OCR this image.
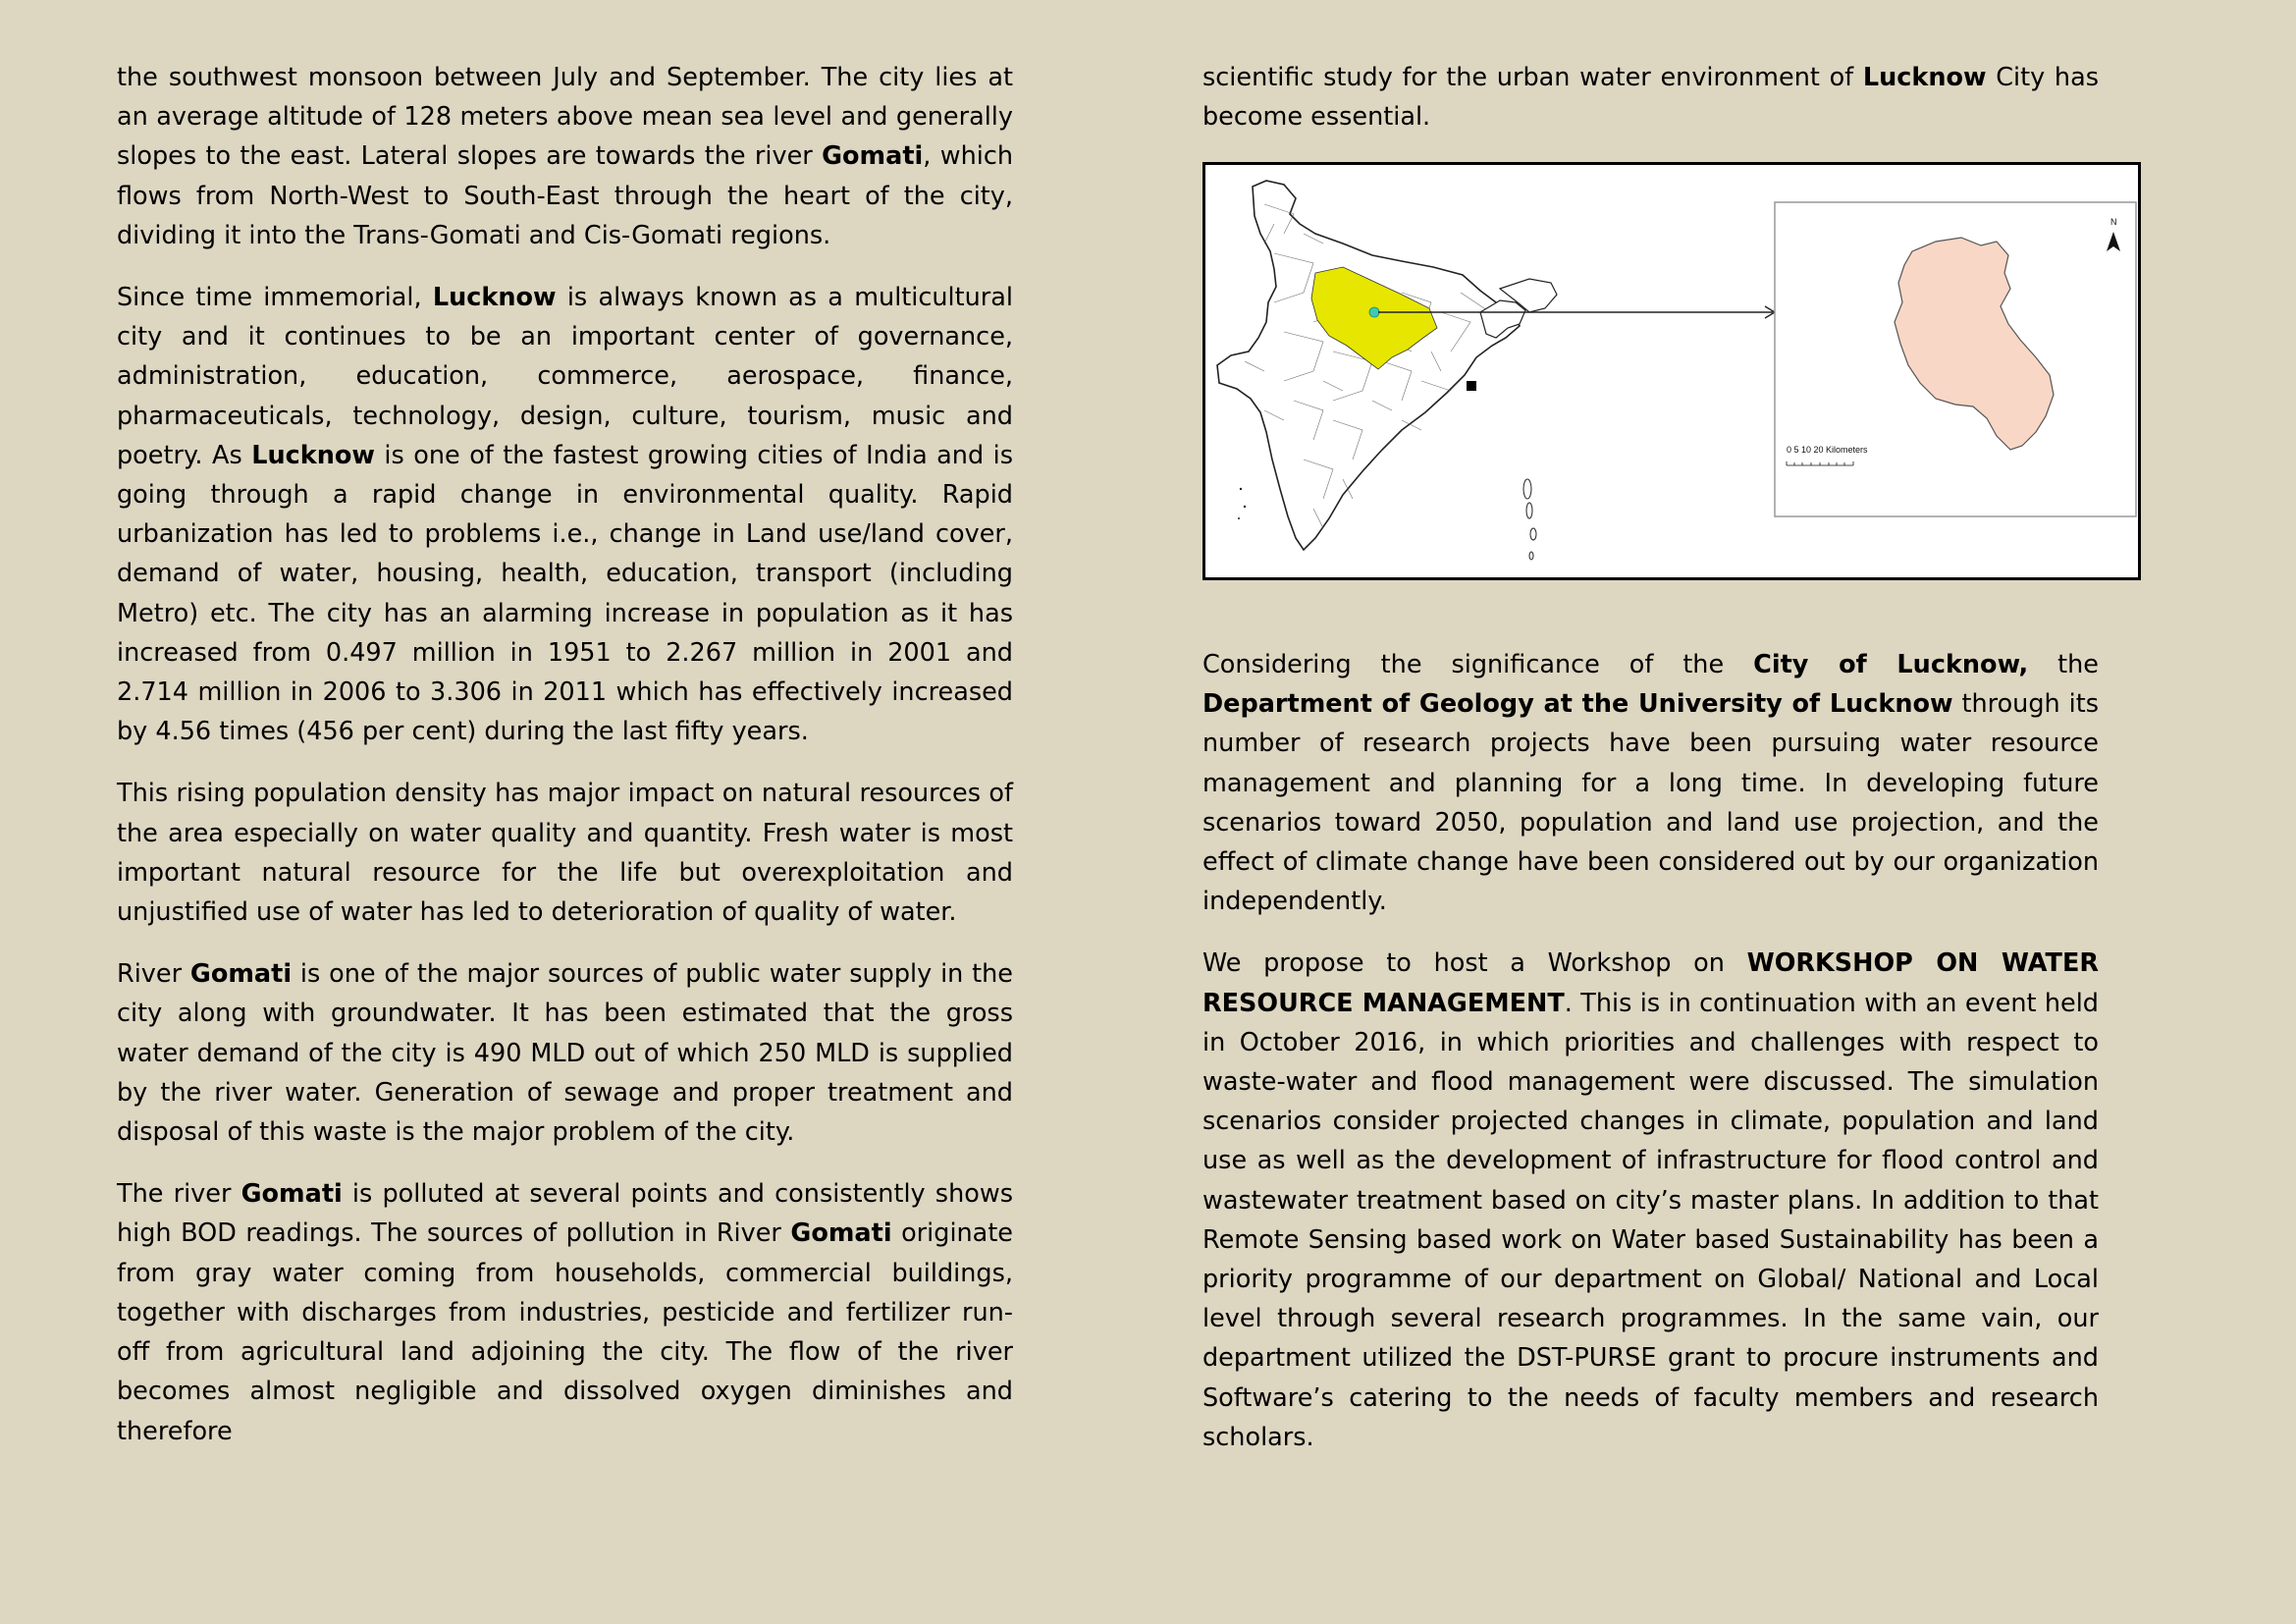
the southwest monsoon between July and September. The city lies at an average altitude of 128 meters above mean sea level and generally slopes to the east. Lateral slopes are towards the river Gomati, which flows from North-West to South-East through the heart of the city, dividing it into the Trans-Gomati and Cis-Gomati regions.

Since time immemorial, Lucknow is always known as a multicultural city and it continues to be an important center of governance, administration, education, commerce, aerospace, finance, pharmaceuticals, technology, design, culture, tourism, music and poetry. As Lucknow is one of the fastest growing cities of India and is going through a rapid change in environmental quality. Rapid urbanization has led to problems i.e., change in Land use/land cover, demand of water, housing, health, education, transport (including Metro) etc. The city has an alarming increase in population as it has increased from 0.497 million in 1951 to 2.267 million in 2001 and 2.714 million in 2006 to 3.306 in 2011 which has effectively increased by 4.56 times (456 per cent) during the last fifty years.

This rising population density has major impact on natural resources of the area especially on water quality and quantity. Fresh water is most important natural resource for the life but overexploitation and unjustified use of water has led to deterioration of quality of water.

River Gomati is one of the major sources of public water supply in the city along with groundwater. It has been estimated that the gross water demand of the city is 490 MLD out of which 250 MLD is supplied by the river water. Generation of sewage and proper treatment and disposal of this waste is the major problem of the city.

The river Gomati is polluted at several points and consistently shows high BOD readings. The sources of pollution in River Gomati originate from gray water coming from households, commercial buildings, together with discharges from industries, pesticide and fertilizer run-off from agricultural land adjoining the city. The flow of the river becomes almost negligible and dissolved oxygen diminishes and therefore

scientific study for the urban water environment of Lucknow City has become essential.

N
0 5 10 20 Kilometers

Considering the significance of the City of Lucknow, the Department of Geology at the University of Lucknow through its number of research projects have been pursuing water resource management and planning for a long time. In developing future scenarios toward 2050, population and land use projection, and the effect of climate change have been considered out by our organization independently.

We propose to host a Workshop on WORKSHOP ON WATER RESOURCE MANAGEMENT. This is in continuation with an event held in October 2016, in which priorities and challenges with respect to waste-water and flood management were discussed. The simulation scenarios consider projected changes in climate, population and land use as well as the development of infrastructure for flood control and wastewater treatment based on city’s master plans. In addition to that Remote Sensing based work on Water based Sustainability has been a priority programme of our department on Global/ National and Local level through several research programmes. In the same vain, our department utilized the DST-PURSE grant to procure instruments and Software’s catering to the needs of faculty members and research scholars.
